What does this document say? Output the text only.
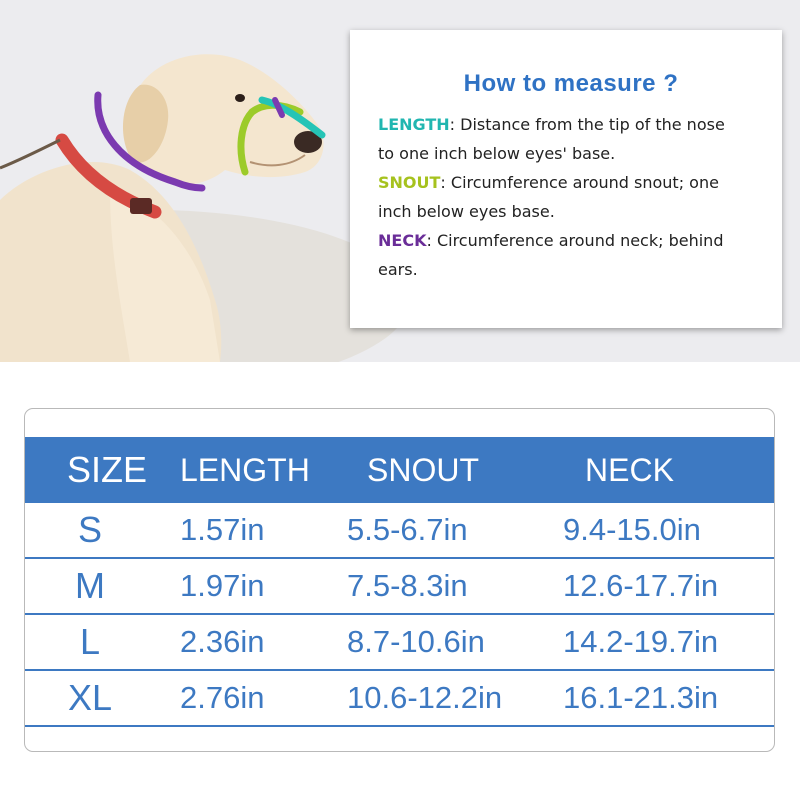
How to measure ?

LENGTH: Distance from the tip of the nose

to one inch below eyes' base.

SNOUT: Circumference around snout; one

inch below eyes base.

NECK: Circumference around neck; behind

ears.

SIZE LENGTH SNOUT	NECK
S	1.57in	5.5-6.7in	9.4-15.0in
M	1.97in	7.5-8.3in	12.6-17.7in
L	2.36in	8.7-10.6in	14.2-19.7in
XL	2.76in	10.6-12.2in 16.1-21.3in
